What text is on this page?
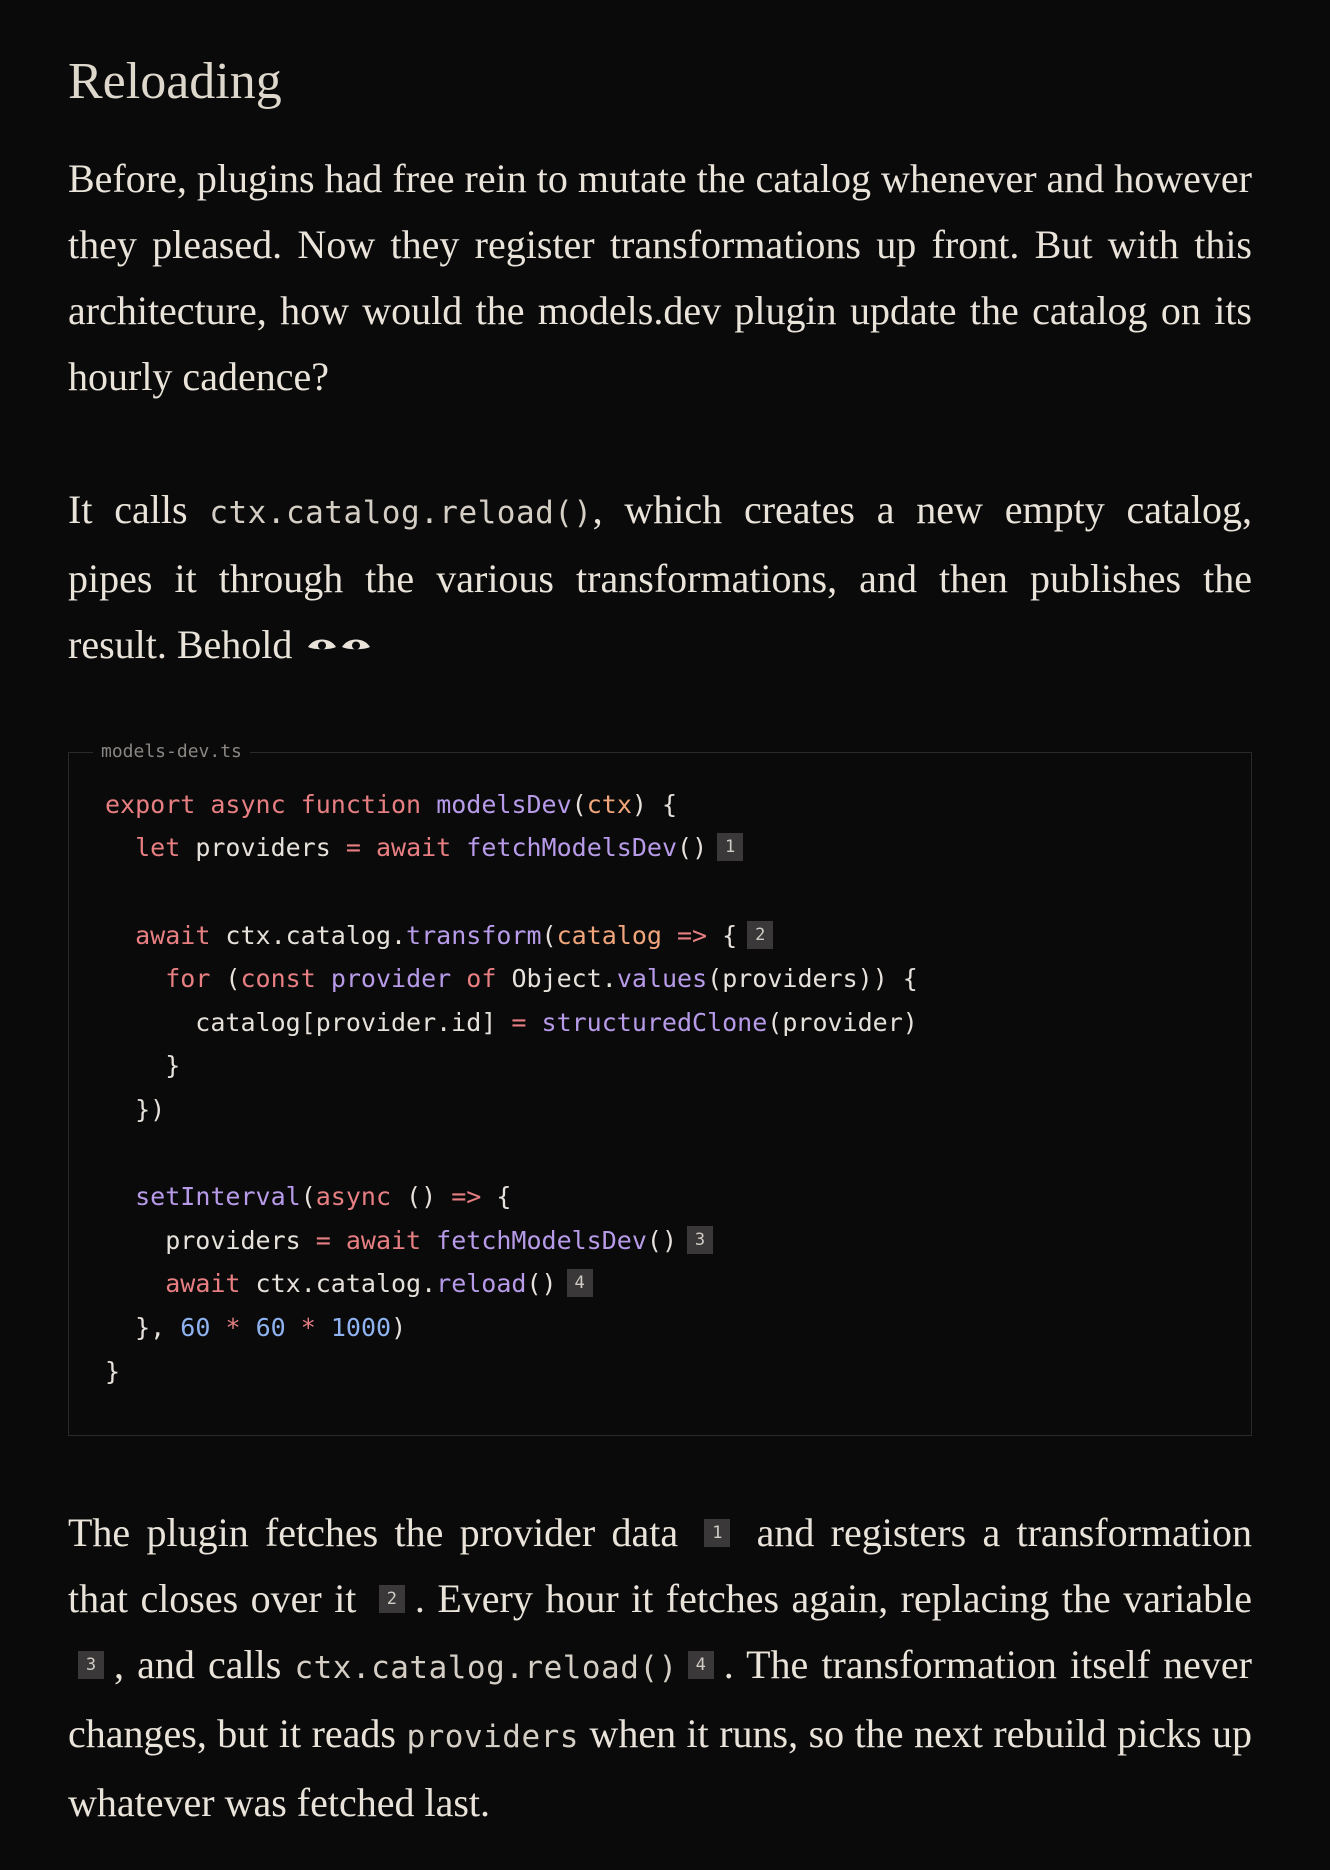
Reloading

Before, plugins had free rein to mutate the catalog whenever and however they pleased. Now they register transformations up front. But with this architecture, how would the models.dev plugin update the catalog on its hourly cadence?

It calls ctx.catalog.reload(), which creates a new empty catalog, pipes it through the various transformations, and then publishes the result. Behold

models-dev.ts
export async function modelsDev(ctx) {
let providers = await fetchModelsDev() 1
await ctx.catalog.transform(catalog => { 2
for (const provider of Object.values(providers)) {
catalog[provider.id] = structuredClone(provider)
}
})
setInterval(async () => {
providers = await fetchModelsDev() 3
await ctx.catalog.reload() 4
}, 60 * 60 * 1000)
}

The plugin fetches the provider data 1 and registers a transformation that closes over it 2 . Every hour it fetches again, replacing the variable 3 , and calls ctx.catalog.reload() 4 . The transformation itself never changes, but it reads providers when it runs, so the next rebuild picks up whatever was fetched last.
